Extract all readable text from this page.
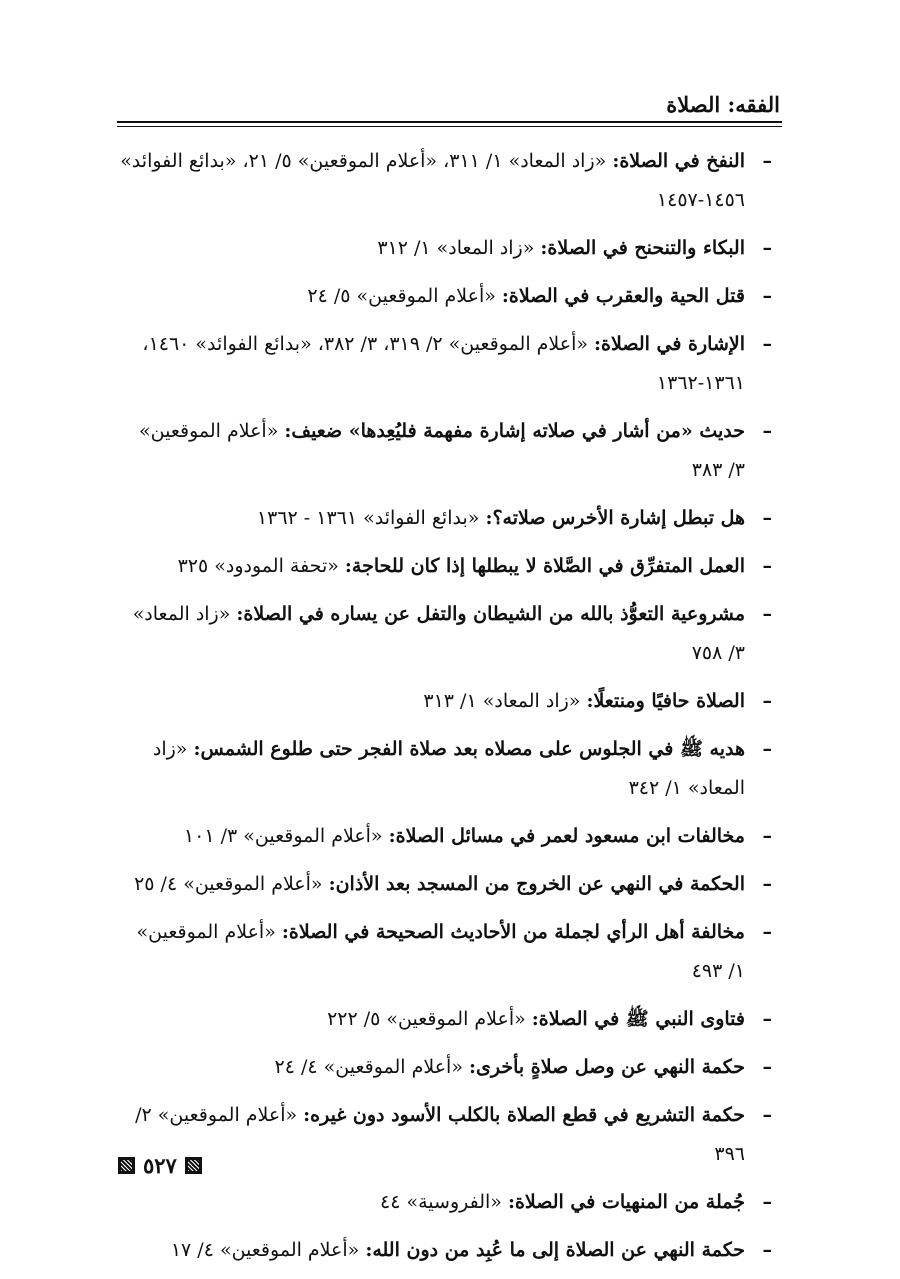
الفقه: الصلاة
–
النفخ في الصلاة: «زاد المعاد» ١/ ٣١١، «أعلام الموقعين» ٥/ ٢١، «بدائع الفوائد» ١٤٥٦-١٤٥٧
–
البكاء والتنحنح في الصلاة: «زاد المعاد» ١/ ٣١٢
–
قتل الحية والعقرب في الصلاة: «أعلام الموقعين» ٥/ ٢٤
–
الإشارة في الصلاة: «أعلام الموقعين» ٢/ ٣١٩، ٣/ ٣٨٢، «بدائع الفوائد» ١٤٦٠، ١٣٦١-١٣٦٢
–
حديث «من أشار في صلاته إشارة مفهمة فليُعِدها» ضعيف: «أعلام الموقعين» ٣/ ٣٨٣
–
هل تبطل إشارة الأخرس صلاته؟: «بدائع الفوائد» ١٣٦١ - ١٣٦٢
–
العمل المتفرِّق في الصَّلاة لا يبطلها إذا كان للحاجة: «تحفة المودود» ٣٢٥
–
مشروعية التعوُّذ بالله من الشيطان والتفل عن يساره في الصلاة: «زاد المعاد» ٣/ ٧٥٨
–
الصلاة حافيًا ومنتعلًا: «زاد المعاد» ١/ ٣١٣
–
هديه ﷺ في الجلوس على مصلاه بعد صلاة الفجر حتى طلوع الشمس: «زاد المعاد» ١/ ٣٤٢
–
مخالفات ابن مسعود لعمر في مسائل الصلاة: «أعلام الموقعين» ٣/ ١٠١
–
الحكمة في النهي عن الخروج من المسجد بعد الأذان: «أعلام الموقعين» ٤/ ٢٥
–
مخالفة أهل الرأي لجملة من الأحاديث الصحيحة في الصلاة: «أعلام الموقعين» ١/ ٤٩٣
–
فتاوى النبي ﷺ في الصلاة: «أعلام الموقعين» ٥/ ٢٢٢
–
حكمة النهي عن وصل صلاةٍ بأخرى: «أعلام الموقعين» ٤/ ٢٤
–
حكمة التشريع في قطع الصلاة بالكلب الأسود دون غيره: «أعلام الموقعين» ٢/ ٣٩٦
–
جُملة من المنهيات في الصلاة: «الفروسية» ٤٤
–
حكمة النهي عن الصلاة إلى ما عُبِد من دون الله: «أعلام الموقعين» ٤/ ١٧
٥٢٧
